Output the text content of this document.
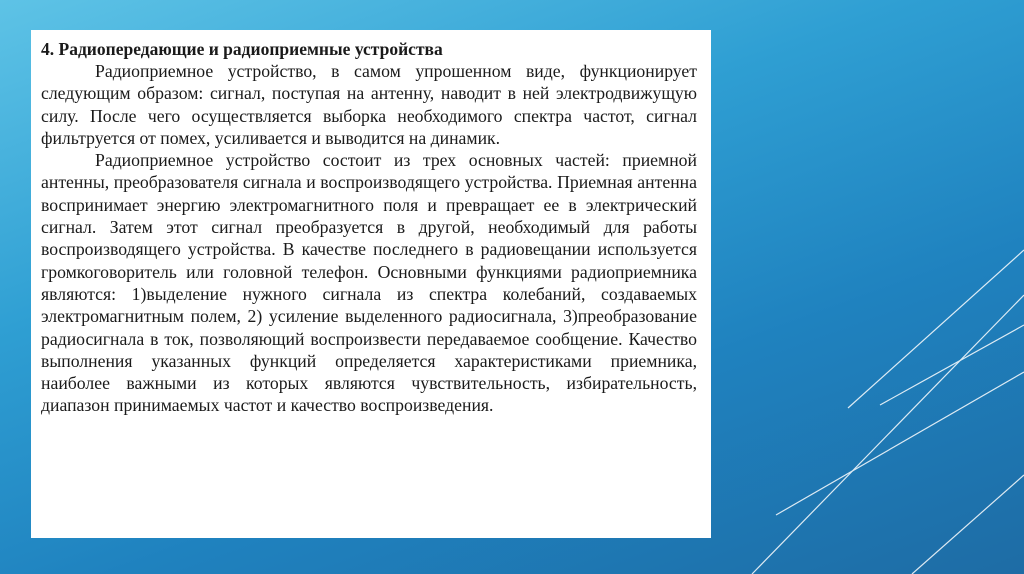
4. Радиопередающие и радиоприемные устройства

Радиоприемное устройство, в самом упрошенном виде, функционирует следующим образом: сигнал, поступая на антенну, наводит в ней электродвижущую силу. После чего осуществляется выборка необходимого спектра частот, сигнал фильтруется от помех, усиливается и выводится на динамик.

Радиоприемное устройство состоит из трех основных частей: приемной антенны, преобразователя сигнала и воспроизводящего устройства. Приемная антенна воспринимает энергию электромагнитного поля и превращает ее в электрический сигнал. Затем этот сигнал преобразуется в другой, необходимый для работы воспроизводящего устройства. В качестве последнего в радиовещании используется громкоговоритель или головной телефон. Основными функциями радиоприемника являются: 1)выделение нужного сигнала из спектра колебаний, создаваемых электромагнитным полем, 2) усиление выделенного радиосигнала, 3)преобразование радиосигнала в ток, позволяющий воспроизвести передаваемое сообщение. Качество выполнения указанных функций определяется характеристиками приемника, наиболее важными из которых являются чувствительность, избирательность, диапазон принимаемых частот и качество воспроизведения.
